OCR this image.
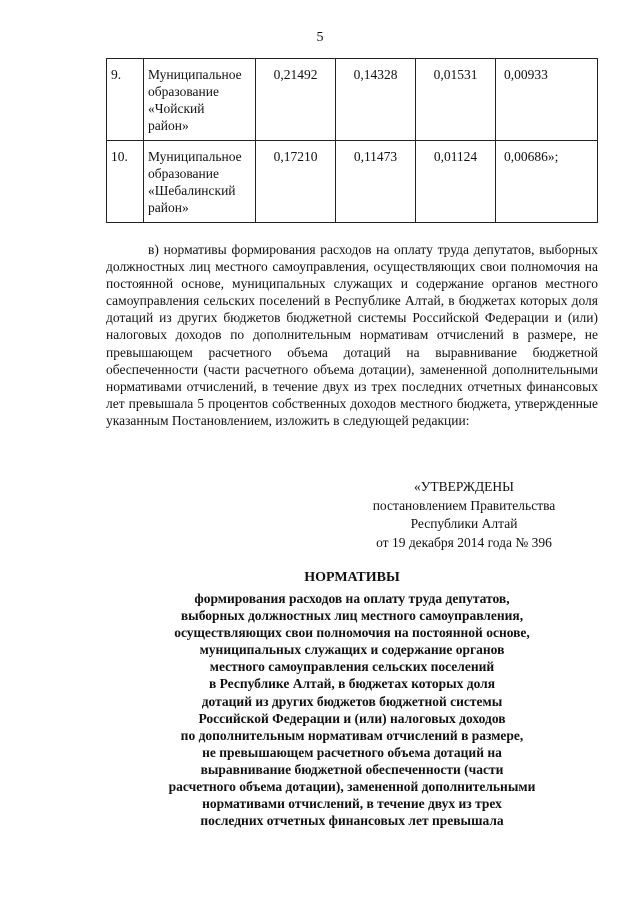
5
9.	Муниципальное
образование
«Чойский
район»	0,21492	0,14328	0,01531	0,00933
10.	Муниципальное
образование
«Шебалинский
район»	0,17210	0,11473	0,01124	0,00686»;

в) нормативы формирования расходов на оплату труда депутатов, выборных должностных лиц местного самоуправления, осуществляющих свои полномочия на постоянной основе, муниципальных служащих и содержание органов местного самоуправления сельских поселений в Республике Алтай, в бюджетах которых доля дотаций из других бюджетов бюджетной системы Российской Федерации и (или) налоговых доходов по дополнительным нормативам отчислений в размере, не превышающем расчетного объема дотаций на выравнивание бюджетной обеспеченности (части расчетного объема дотации), замененной дополнительными нормативами отчислений, в течение двух из трех последних отчетных финансовых лет превышала 5 процентов собственных доходов местного бюджета, утвержденные указанным Постановлением, изложить в следующей редакции:

«УТВЕРЖДЕНЫ
постановлением Правительства
Республики Алтай
от 19 декабря 2014 года № 396
НОРМАТИВЫ
формирования расходов на оплату труда депутатов,
выборных должностных лиц местного самоуправления,
осуществляющих свои полномочия на постоянной основе,
муниципальных служащих и содержание органов
местного самоуправления сельских поселений
в Республике Алтай, в бюджетах которых доля
дотаций из других бюджетов бюджетной системы
Российской Федерации и (или) налоговых доходов
по дополнительным нормативам отчислений в размере,
не превышающем расчетного объема дотаций на
выравнивание бюджетной обеспеченности (части
расчетного объема дотации), замененной дополнительными
нормативами отчислений, в течение двух из трех
последних отчетных финансовых лет превышала
